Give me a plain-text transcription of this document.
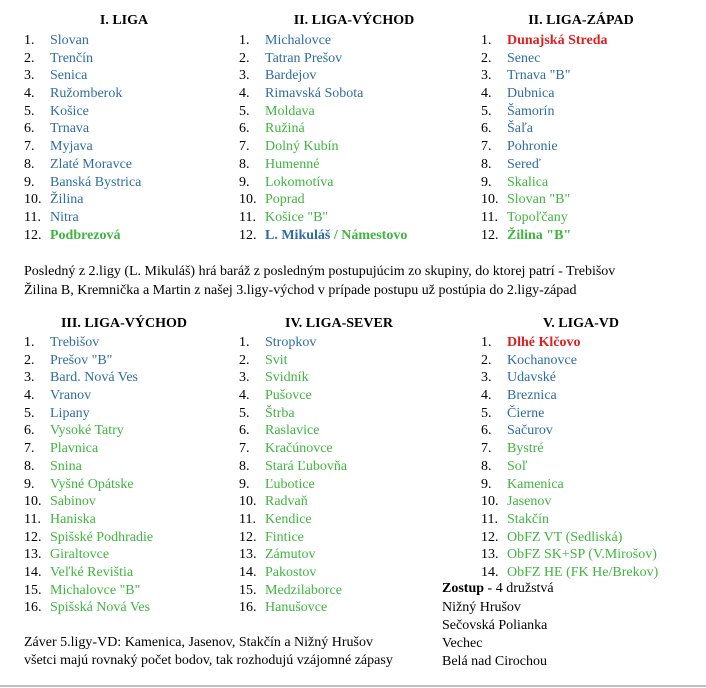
I. LIGA
1. Slovan
2. Trenčín
3. Senica
4. Ružomberok
5. Košice
6. Trnava
7. Myjava
8. Zlaté Moravce
9. Banská Bystrica
10. Žilina
11. Nitra
12. Podbrezová
II. LIGA-VÝCHOD
1. Michalovce
2. Tatran Prešov
3. Bardejov
4. Rimavská Sobota
5. Moldava
6. Ružiná
7. Dolný Kubín
8. Humenné
9. Lokomotíva
10. Poprad
11. Košice "B"
12. L. Mikuláš / Námestovo
II. LIGA-ZÁPAD
1. Dunajská Streda
2. Senec
3. Trnava "B"
4. Dubnica
5. Šamorín
6. Šaľa
7. Pohronie
8. Sereď
9. Skalica
10. Slovan "B"
11. Topoľčany
12. Žilina "B"
Posledný z 2.ligy (L. Mikuláš) hrá baráž z posledným postupujúcim zo skupiny, do ktorej patrí - Trebišov
Žilina B, Kremnička a Martin z našej 3.ligy-východ v prípade postupu už postúpia do 2.ligy-západ
III. LIGA-VÝCHOD
1. Trebišov
2. Prešov "B"
3. Bard. Nová Ves
4. Vranov
5. Lipany
6. Vysoké Tatry
7. Plavnica
8. Snina
9. Vyšné Opátske
10. Sabinov
11. Haniska
12. Spišské Podhradie
13. Giraltovce
14. Veľké Revištia
15. Michalovce "B"
16. Spišská Nová Ves
IV. LIGA-SEVER
1. Stropkov
2. Svit
3. Svidník
4. Pušovce
5. Štrba
6. Raslavice
7. Kračúnovce
8. Stará Ľubovňa
9. Ľubotice
10. Radvaň
11. Kendice
12. Fintice
13. Zámutov
14. Pakostov
15. Medzilaborce
16. Hanušovce
V. LIGA-VD
1. Dlhé Klčovo
2. Kochanovce
3. Udavské
4. Breznica
5. Čierne
6. Sačurov
7. Bystré
8. Soľ
9. Kamenica
10. Jasenov
11. Stakčín
12. ObFZ VT (Sedliská)
13. ObFZ SK+SP (V.Mirošov)
14. ObFZ HE (FK He/Brekov)
Zostup - 4 družstvá
Nižný Hrušov
Sečovská Polianka
Vechec
Belá nad Cirochou
Záver 5.ligy-VD: Kamenica, Jasenov, Stakčín a Nižný Hrušov
všetci majú rovnaký počet bodov, tak rozhodujú vzájomné zápasy
